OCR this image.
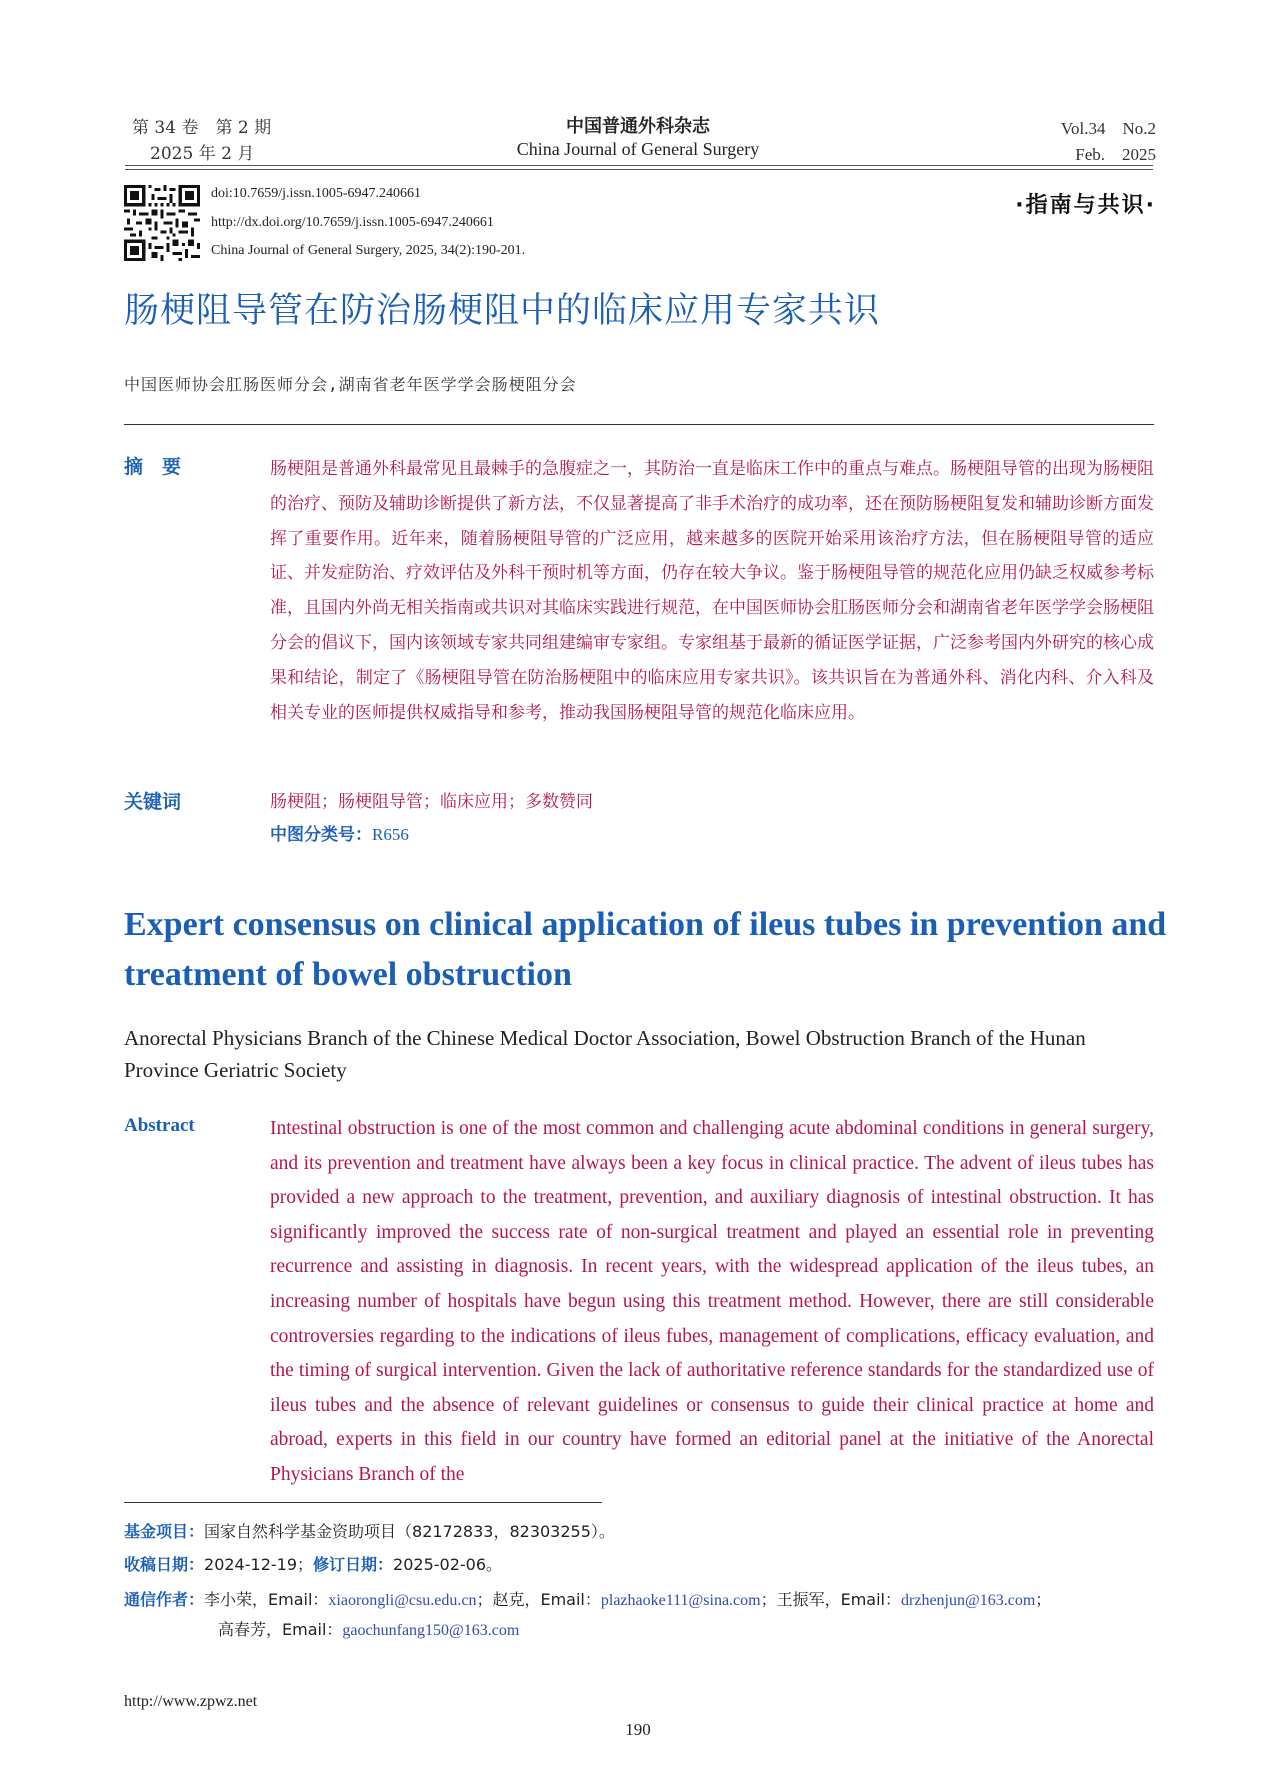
第 34 卷　第 2 期
2025 年 2 月
中国普通外科杂志
China Journal of General Surgery
Vol.34　No.2
Feb.　2025
doi:10.7659/j.issn.1005-6947.240661
http://dx.doi.org/10.7659/j.issn.1005-6947.240661
China Journal of General Surgery, 2025, 34(2):190-201.
·指南与共识·
肠梗阻导管在防治肠梗阻中的临床应用专家共识
中国医师协会肛肠医师分会,湖南省老年医学学会肠梗阻分会
摘　要	肠梗阻是普通外科最常见且最棘手的急腹症之一，其防治一直是临床工作中的重点与难点。肠梗阻导管的出现为肠梗阻的治疗、预防及辅助诊断提供了新方法，不仅显著提高了非手术治疗的成功率，还在预防肠梗阻复发和辅助诊断方面发挥了重要作用。近年来，随着肠梗阻导管的广泛应用，越来越多的医院开始采用该治疗方法，但在肠梗阻导管的适应证、并发症防治、疗效评估及外科干预时机等方面，仍存在较大争议。鉴于肠梗阻导管的规范化应用仍缺乏权威参考标准，且国内外尚无相关指南或共识对其临床实践进行规范，在中国医师协会肛肠医师分会和湖南省老年医学学会肠梗阻分会的倡议下，国内该领域专家共同组建编审专家组。专家组基于最新的循证医学证据，广泛参考国内外研究的核心成果和结论，制定了《肠梗阻导管在防治肠梗阻中的临床应用专家共识》。该共识旨在为普通外科、消化内科、介入科及相关专业的医师提供权威指导和参考，推动我国肠梗阻导管的规范化临床应用。
关键词	肠梗阻；肠梗阻导管；临床应用；多数赞同
中图分类号：R656
Expert consensus on clinical application of ileus tubes in prevention and treatment of bowel obstruction
Anorectal Physicians Branch of the Chinese Medical Doctor Association, Bowel Obstruction Branch of the Hunan Province Geriatric Society
Abstract	Intestinal obstruction is one of the most common and challenging acute abdominal conditions in general surgery, and its prevention and treatment have always been a key focus in clinical practice. The advent of ileus tubes has provided a new approach to the treatment, prevention, and auxiliary diagnosis of intestinal obstruction. It has significantly improved the success rate of non-surgical treatment and played an essential role in preventing recurrence and assisting in diagnosis. In recent years, with the widespread application of the ileus tubes, an increasing number of hospitals have begun using this treatment method. However, there are still considerable controversies regarding to the indications of ileus fubes, management of complications, efficacy evaluation, and the timing of surgical intervention. Given the lack of authoritative reference standards for the standardized use of ileus tubes and the absence of relevant guidelines or consensus to guide their clinical practice at home and abroad, experts in this field in our country have formed an editorial panel at the initiative of the Anorectal Physicians Branch of the
基金项目：国家自然科学基金资助项目（82172833，82303255）。
收稿日期：2024-12-19；修订日期：2025-02-06。
通信作者：李小荣，Email：xiaorongli@csu.edu.cn；赵克，Email：plazhaoke111@sina.com；王振军，Email：drzhenjun@163.com；
高春芳，Email：gaochunfang150@163.com
http://www.zpwz.net
190
